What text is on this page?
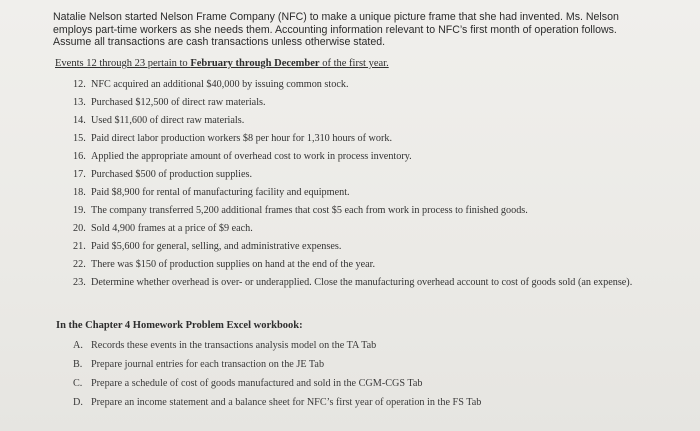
Natalie Nelson started Nelson Frame Company (NFC) to make a unique picture frame that she had invented. Ms. Nelson employs part-time workers as she needs them. Accounting information relevant to NFC’s first month of operation follows. Assume all transactions are cash transactions unless otherwise stated.
Events 12 through 23 pertain to February through December of the first year.
12. NFC acquired an additional $40,000 by issuing common stock.
13. Purchased $12,500 of direct raw materials.
14. Used $11,600 of direct raw materials.
15. Paid direct labor production workers $8 per hour for 1,310 hours of work.
16. Applied the appropriate amount of overhead cost to work in process inventory.
17. Purchased $500 of production supplies.
18. Paid $8,900 for rental of manufacturing facility and equipment.
19. The company transferred 5,200 additional frames that cost $5 each from work in process to finished goods.
20. Sold 4,900 frames at a price of $9 each.
21. Paid $5,600 for general, selling, and administrative expenses.
22. There was $150 of production supplies on hand at the end of the year.
23. Determine whether overhead is over- or underapplied. Close the manufacturing overhead account to cost of goods sold (an expense).
In the Chapter 4 Homework Problem Excel workbook:
A. Records these events in the transactions analysis model on the TA Tab
B. Prepare journal entries for each transaction on the JE Tab
C. Prepare a schedule of cost of goods manufactured and sold in the CGM-CGS Tab
D. Prepare an income statement and a balance sheet for NFC’s first year of operation in the FS Tab
